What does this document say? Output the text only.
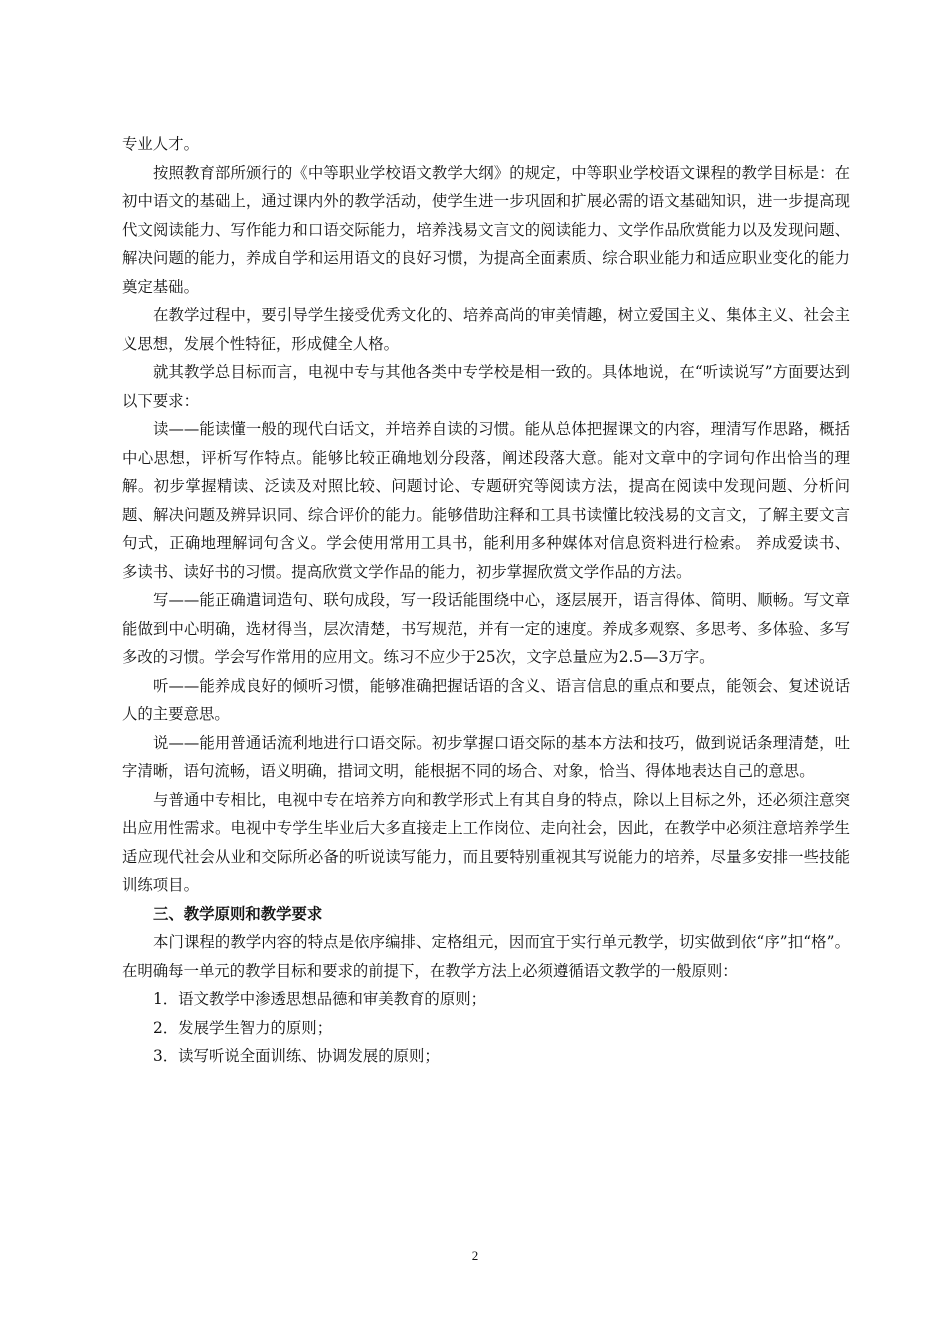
专业人才。

按照教育部所颁行的《中等职业学校语文教学大纲》的规定，中等职业学校语文课程的教学目标是：在初中语文的基础上，通过课内外的教学活动，使学生进一步巩固和扩展必需的语文基础知识，进一步提高现代文阅读能力、写作能力和口语交际能力，培养浅易文言文的阅读能力、文学作品欣赏能力以及发现问题、解决问题的能力，养成自学和运用语文的良好习惯，为提高全面素质、综合职业能力和适应职业变化的能力奠定基础。

在教学过程中，要引导学生接受优秀文化的、培养高尚的审美情趣，树立爱国主义、集体主义、社会主义思想，发展个性特征，形成健全人格。

就其教学总目标而言，电视中专与其他各类中专学校是相一致的。具体地说，在“听读说写”方面要达到以下要求：

读——能读懂一般的现代白话文，并培养自读的习惯。能从总体把握课文的内容，理清写作思路，概括中心思想，评析写作特点。能够比较正确地划分段落，阐述段落大意。能对文章中的字词句作出恰当的理解。初步掌握精读、泛读及对照比较、问题讨论、专题研究等阅读方法，提高在阅读中发现问题、分析问题、解决问题及辨异识同、综合评价的能力。能够借助注释和工具书读懂比较浅易的文言文，了解主要文言句式，正确地理解词句含义。学会使用常用工具书，能利用多种媒体对信息资料进行检索。 养成爱读书、多读书、读好书的习惯。提高欣赏文学作品的能力，初步掌握欣赏文学作品的方法。

写——能正确遣词造句、联句成段，写一段话能围绕中心，逐层展开，语言得体、简明、顺畅。写文章能做到中心明确，选材得当，层次清楚，书写规范，并有一定的速度。养成多观察、多思考、多体验、多写多改的习惯。学会写作常用的应用文。练习不应少于25次，文字总量应为2.5—3万字。

听——能养成良好的倾听习惯，能够准确把握话语的含义、语言信息的重点和要点，能领会、复述说话人的主要意思。

说——能用普通话流利地进行口语交际。初步掌握口语交际的基本方法和技巧，做到说话条理清楚，吐字清晰，语句流畅，语义明确，措词文明，能根据不同的场合、对象，恰当、得体地表达自己的意思。

与普通中专相比，电视中专在培养方向和教学形式上有其自身的特点，除以上目标之外，还必须注意突出应用性需求。电视中专学生毕业后大多直接走上工作岗位、走向社会，因此，在教学中必须注意培养学生适应现代社会从业和交际所必备的听说读写能力，而且要特别重视其写说能力的培养，尽量多安排一些技能训练项目。

三、教学原则和教学要求

本门课程的教学内容的特点是依序编排、定格组元，因而宜于实行单元教学，切实做到依“序”扣“格”。在明确每一单元的教学目标和要求的前提下，在教学方法上必须遵循语文教学的一般原则：

1．语文教学中渗透思想品德和审美教育的原则；

2．发展学生智力的原则；

3．读写听说全面训练、协调发展的原则；

2
